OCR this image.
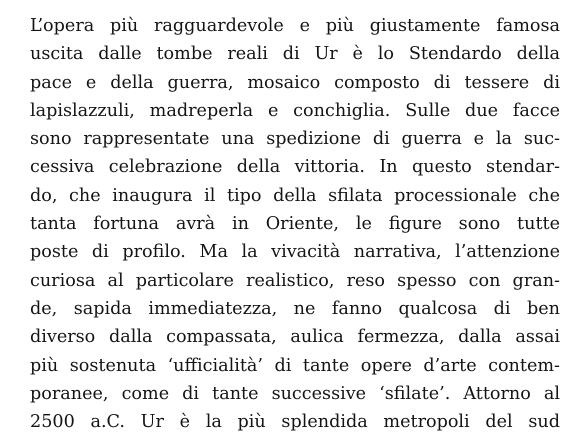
L’opera più ragguardevole e più giustamente famosa
uscita dalle tombe reali di Ur è lo Stendardo della
pace e della guerra, mosaico composto di tessere di
lapislazzuli, madreperla e conchiglia. Sulle due facce
sono rappresentate una spedizione di guerra e la suc-
cessiva celebrazione della vittoria. In questo stendar-
do, che inaugura il tipo della sfilata processionale che
tanta fortuna avrà in Oriente, le figure sono tutte
poste di profilo. Ma la vivacità narrativa, l’attenzione
curiosa al particolare realistico, reso spesso con gran-
de, sapida immediatezza, ne fanno qualcosa di ben
diverso dalla compassata, aulica fermezza, dalla assai
più sostenuta ‘ufficialità’ di tante opere d’arte contem-
poranee, come di tante successive ‘sfilate’. Attorno al
2500 a.C. Ur è la più splendida metropoli del sud
